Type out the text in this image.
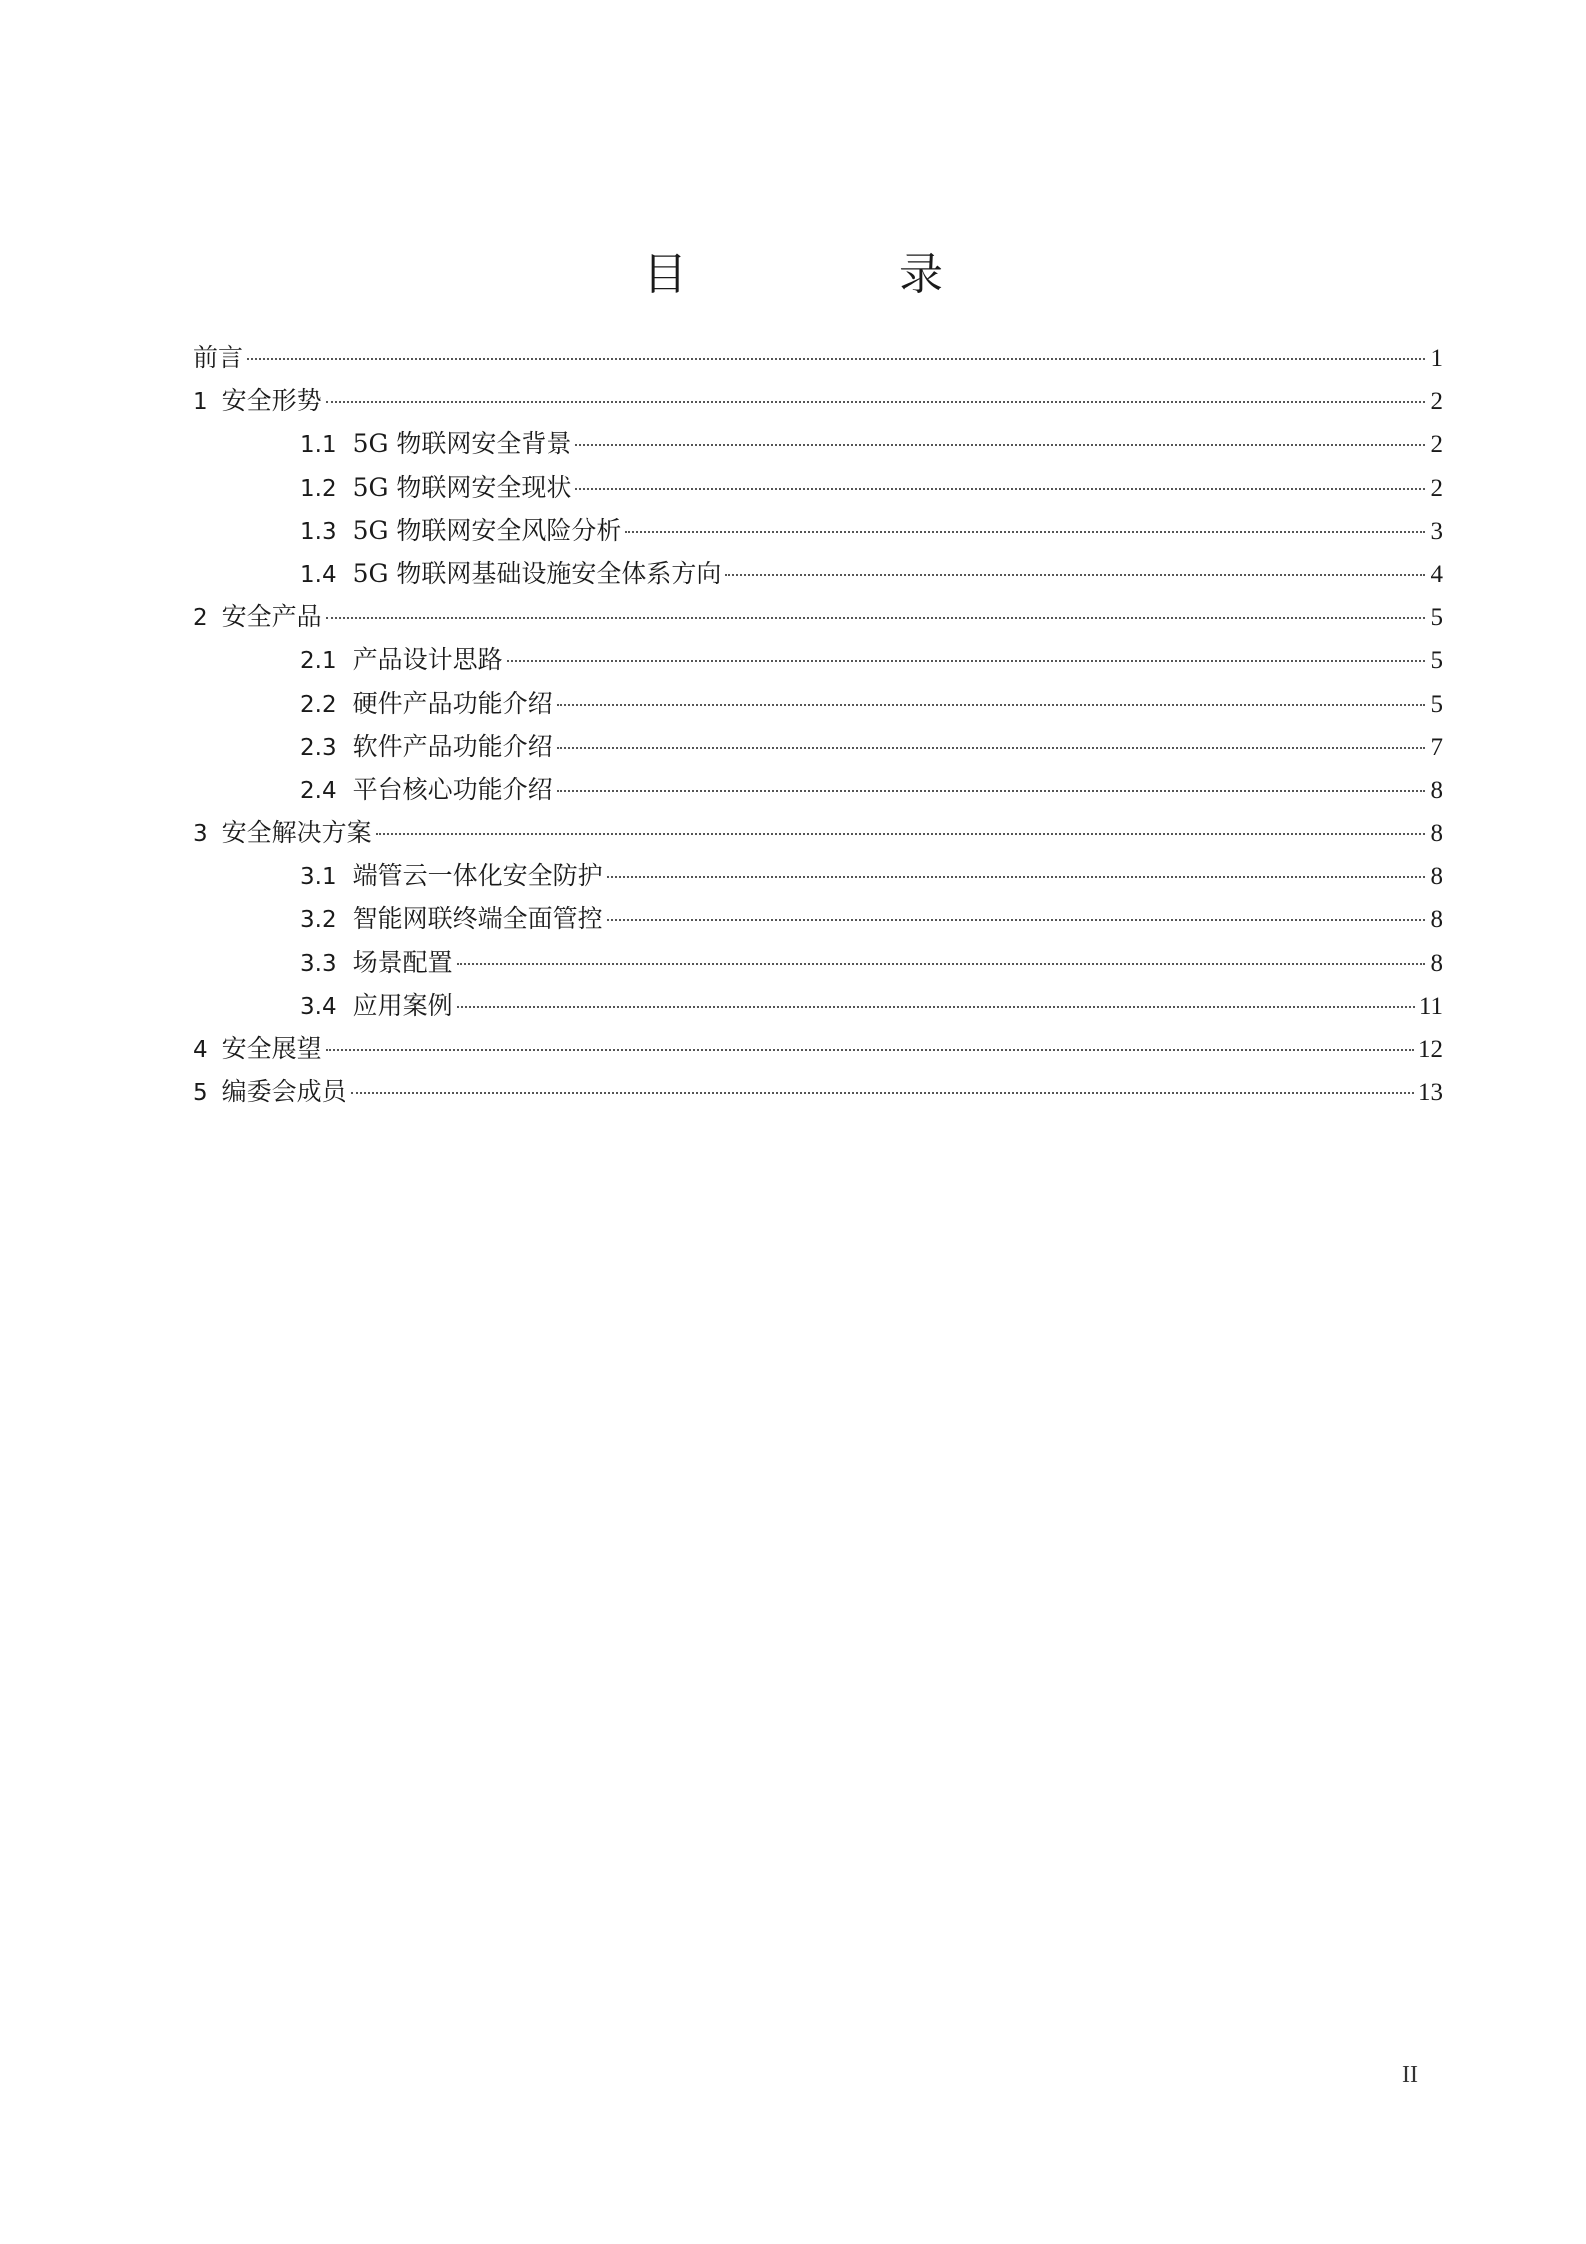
目　录
前言	1
1 安全形势	2
1.1 5G 物联网安全背景	2
1.2 5G 物联网安全现状	2
1.3 5G 物联网安全风险分析	3
1.4 5G 物联网基础设施安全体系方向	4
2 安全产品	5
2.1 产品设计思路	5
2.2 硬件产品功能介绍	5
2.3 软件产品功能介绍	7
2.4 平台核心功能介绍	8
3 安全解决方案	8
3.1 端管云一体化安全防护	8
3.2 智能网联终端全面管控	8
3.3 场景配置	8
3.4 应用案例	11
4 安全展望	12
5 编委会成员	13
II
